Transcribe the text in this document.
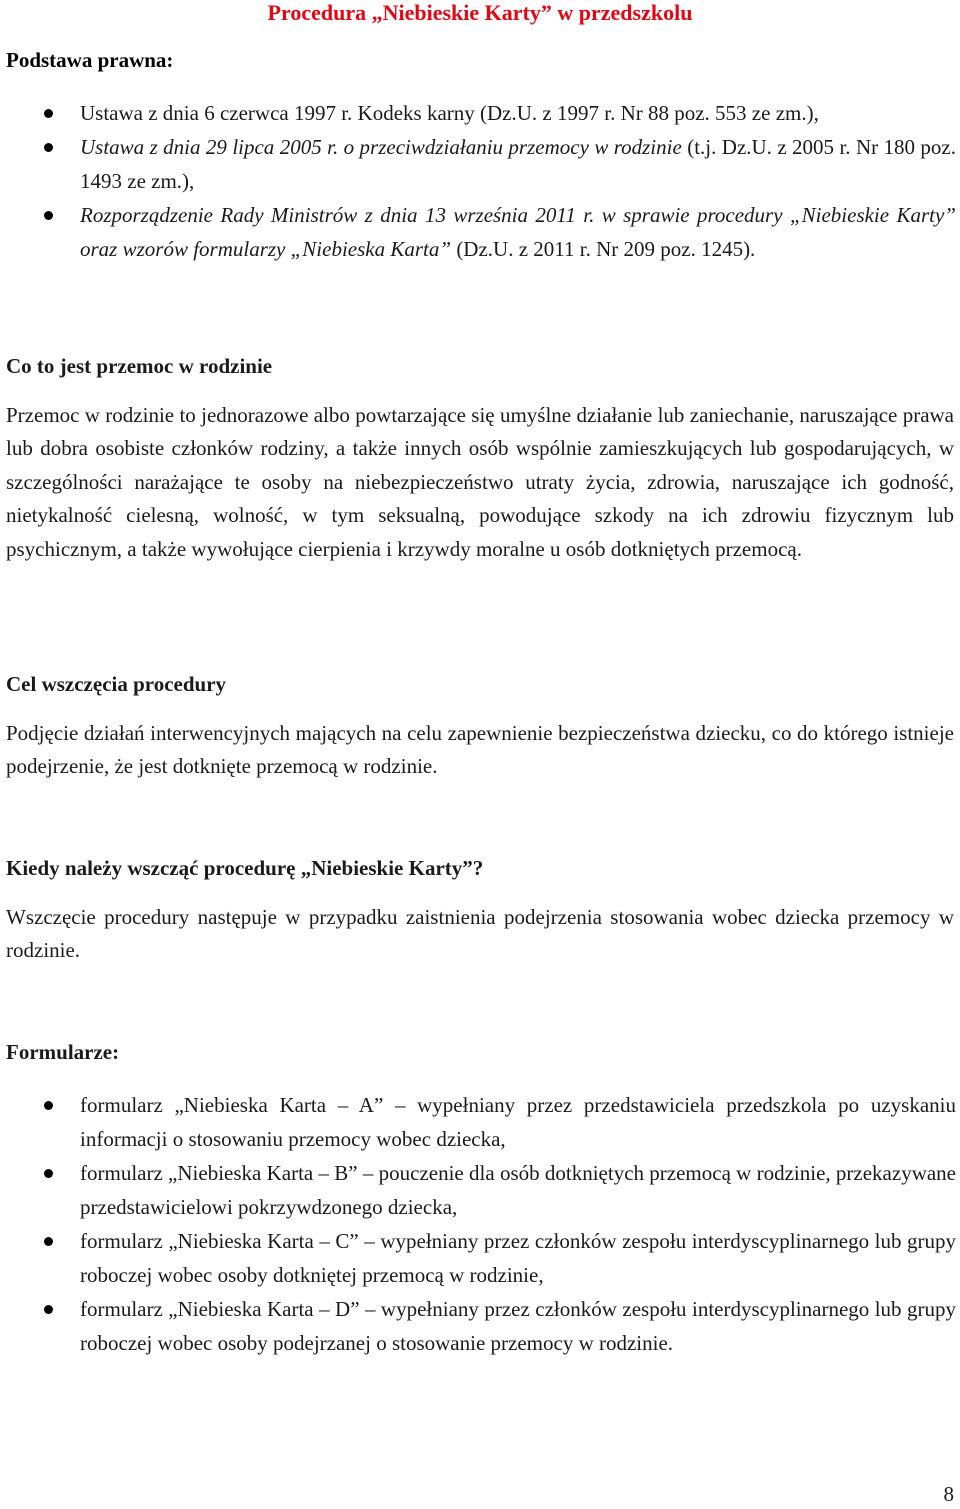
Procedura „Niebieskie Karty” w przedszkolu
Podstawa prawna:
Ustawa z dnia 6 czerwca 1997 r. Kodeks karny (Dz.U. z 1997 r. Nr 88 poz. 553 ze zm.),
Ustawa z dnia 29 lipca 2005 r. o przeciwdziałaniu przemocy w rodzinie (t.j. Dz.U. z 2005 r. Nr 180 poz. 1493 ze zm.),
Rozporządzenie Rady Ministrów z dnia 13 września 2011 r. w sprawie procedury „Niebieskie Karty” oraz wzorów formularzy „Niebieska Karta” (Dz.U. z 2011 r. Nr 209 poz. 1245).
Co to jest przemoc w rodzinie
Przemoc w rodzinie to jednorazowe albo powtarzające się umyślne działanie lub zaniechanie, naruszające prawa lub dobra osobiste członków rodziny, a także innych osób wspólnie zamieszkujących lub gospodarujących, w szczególności narażające te osoby na niebezpieczeństwo utraty życia, zdrowia, naruszające ich godność, nietykalność cielesną, wolność, w tym seksualną, powodujące szkody na ich zdrowiu fizycznym lub psychicznym, a także wywołujące cierpienia i krzywdy moralne u osób dotkniętych przemocą.
Cel wszczęcia procedury
Podjęcie działań interwencyjnych mających na celu zapewnienie bezpieczeństwa dziecku, co do którego istnieje podejrzenie, że jest dotknięte przemocą w rodzinie.
Kiedy należy wszcząć procedurę „Niebieskie Karty”?
Wszczęcie procedury następuje w przypadku zaistnienia podejrzenia stosowania wobec dziecka przemocy w rodzinie.
Formularze:
formularz „Niebieska Karta – A” – wypełniany przez przedstawiciela przedszkola po uzyskaniu informacji o stosowaniu przemocy wobec dziecka,
formularz „Niebieska Karta – B” – pouczenie dla osób dotkniętych przemocą w rodzinie, przekazywane przedstawicielowi pokrzywdzonego dziecka,
formularz „Niebieska Karta – C” – wypełniany przez członków zespołu interdyscyplinarnego lub grupy roboczej wobec osoby dotkniętej przemocą w rodzinie,
formularz „Niebieska Karta – D” – wypełniany przez członków zespołu interdyscyplinarnego lub grupy roboczej wobec osoby podejrzanej o stosowanie przemocy w rodzinie.
8
